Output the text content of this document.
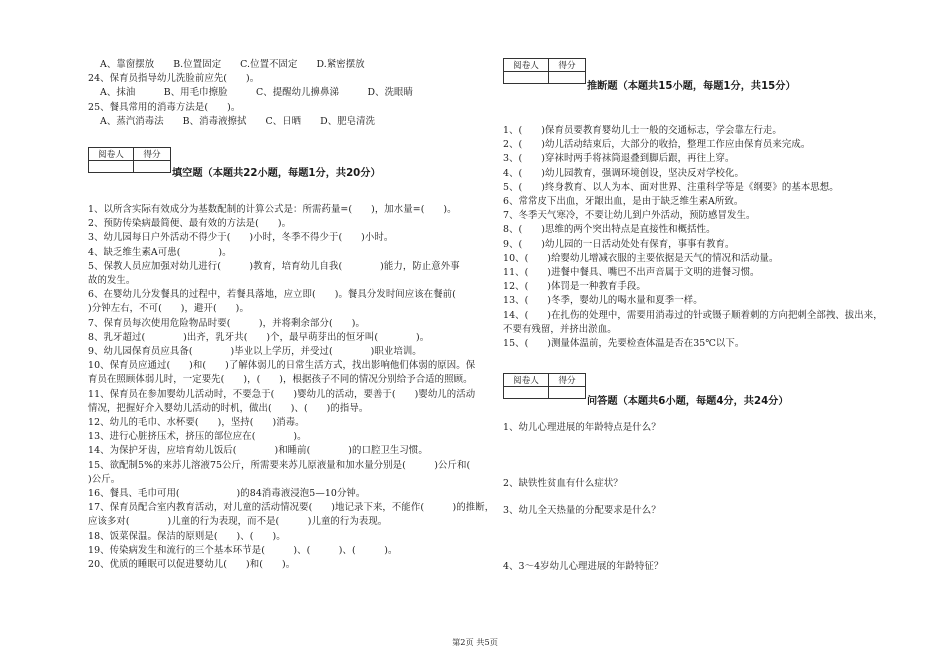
A、靠窗摆放　　B.位置固定　　C.位置不固定　　D.紧密摆放
24、保育员指导幼儿洗脸前应先(　　)。
A、抹油　　　B、用毛巾擦脸　　　C、提醒幼儿擤鼻涕　　　D、洗眼睛
25、餐具常用的消毒方法是(　　)。
A、蒸汽消毒法　　B、消毒液擦拭　　C、日晒　　D、肥皂清洗
阅卷人	得分

填空题（本题共22小题，每题1分，共20分）
1、以所含实际有效成分为基数配制的计算公式是：所需药量=(　　)，加水量=(　　)。
2、预防传染病最简便、最有效的方法是(　　)。
3、幼儿园每日户外活动不得少于(　　)小时，冬季不得少于(　　)小时。
4、缺乏维生素A可患(　　　　)。
5、保教人员应加强对幼儿进行(　　　)教育，培育幼儿自我(　　　　)能力，防止意外事
故的发生。
6、在婴幼儿分发餐具的过程中，若餐具落地，应立即(　　)。餐具分发时间应该在餐前(　　
)分钟左右，不可(　　)，避开(　　)。
7、保育员每次使用危险物品时要(　　　)，并将剩余部分(　　)。
8、乳牙超过(　　　　)出齐，乳牙共(　　)个，最早萌芽出的恒牙叫(　　　　)。
9、幼儿园保育员应具备(　　　　)毕业以上学历，并受过(　　　　)职业培训。
10、保育员应通过(　　)和(　　)了解体弱儿的日常生活方式，找出影响他们体弱的原因。保
育员在照顾体弱儿时，一定要先(　　)，(　　)，根据孩子不同的情况分别给予合适的照顾。
11、保育员在参加婴幼儿活动时，不要急于(　　)婴幼儿的活动，要善于(　　)婴幼儿的活动
情况，把握好介入婴幼儿活动的时机，做出(　　)、(　　)的指导。
12、幼儿的毛巾、水杯要(　　)，坚持(　　)消毒。
13、进行心脏挤压术，挤压的部位应在(　　　　)。
14、为保护牙齿，应培育幼儿饭后(　　　　)和睡前(　　　　)的口腔卫生习惯。
15、欲配制5%的来苏儿溶液75公斤，所需要来苏儿原液量和加水量分别是(　　　)公斤和(　　
)公斤。
16、餐具、毛巾可用(　　　　　　)的84消毒液浸泡5—10分钟。
17、保育员配合室内教育活动，对儿童的活动情况要(　　)地记录下来，不能作(　　　)的推断，
应该多对(　　　　)儿童的行为表现，而不是(　　　)儿童的行为表现。
18、饭菜保温。保洁的原则是(　　)、(　　)。
19、传染病发生和流行的三个基本环节是(　　　)、(　　　)、(　　　)。
20、优质的睡眠可以促进婴幼儿(　　)和(　　)。
阅卷人	得分

推断题（本题共15小题，每题1分，共15分）
1、(　　)保育员要教育婴幼儿士一般的交通标志，学会靠左行走。
2、(　　)幼儿活动结束后，大部分的收拾，整理工作应由保育员来完成。
3、(　　)穿袜时两手将袜筒退叠到脚后跟，再往上穿。
4、(　　)幼儿园教育，强调环境创设，坚决反对学校化。
5、(　　)终身教育、以人为本、面对世界、注重科学等是《纲要》的基本思想。
6、常常皮下出血，牙龈出血，是由于缺乏维生素A所致。
7、冬季天气寒冷，不要让幼儿到户外活动，预防感冒发生。
8、(　　)思维的两个突出特点是直接性和概括性。
9、(　　)幼儿园的一日活动处处有保育，事事有教育。
10、(　　)给婴幼儿增减衣服的主要依据是天气的情况和活动量。
11、(　　)进餐中餐具、嘴巴不出声音属于文明的进餐习惯。
12、(　　)体罚是一种教育手段。
13、(　　)冬季，婴幼儿的喝水量和夏季一样。
14、(　　)在扎伤的处理中，需要用消毒过的针或镊子顺着刺的方向把刺全部拽、拔出来，
不要有残留，并挤出淤血。
15、(　　)测量体温前，先要检查体温是否在35℃以下。
阅卷人	得分

问答题（本题共6小题，每题4分，共24分）
1、幼儿心理进展的年龄特点是什么？
2、缺铁性贫血有什么症状？
3、幼儿全天热量的分配要求是什么？
4、3～4岁幼儿心理进展的年龄特征？
第2页 共5页
